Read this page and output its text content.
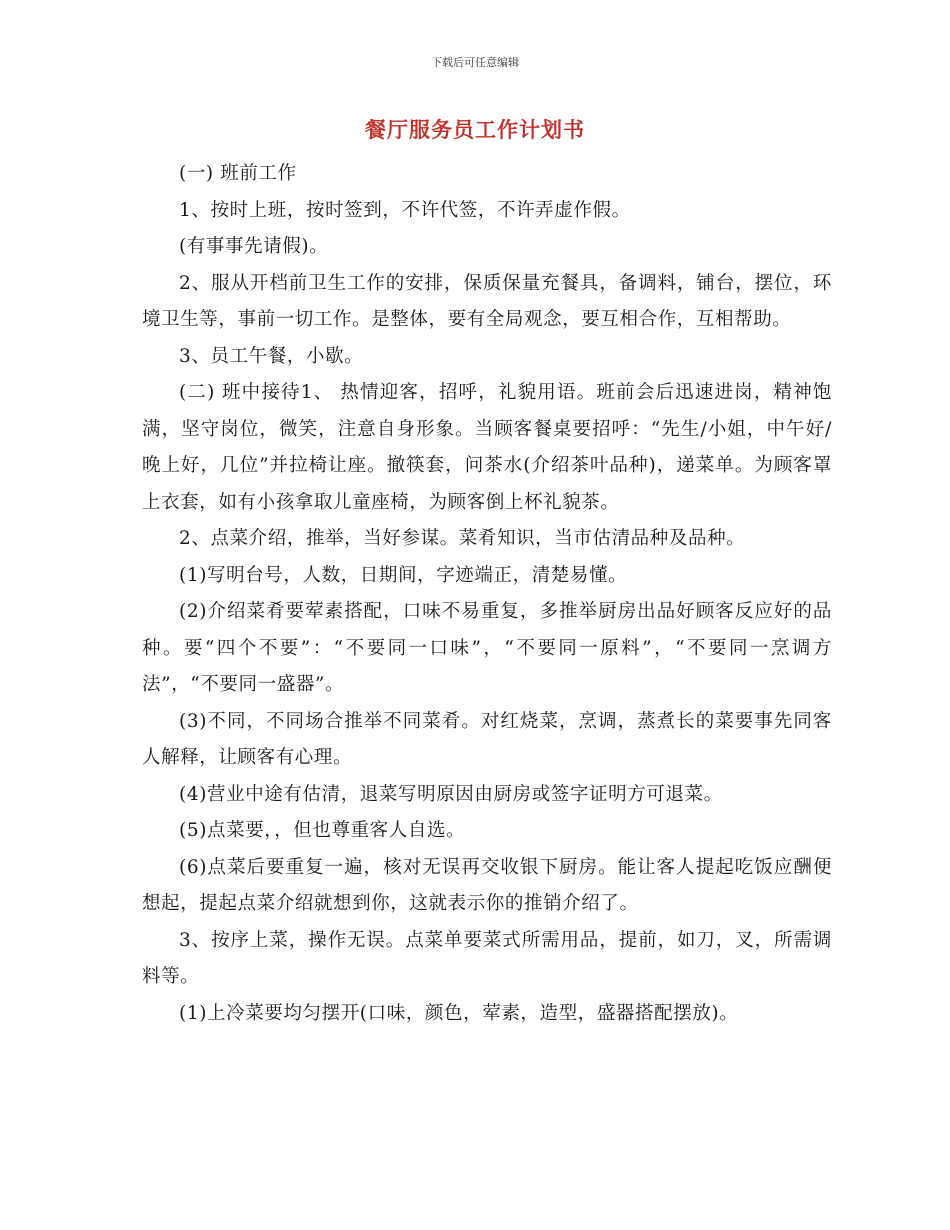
下载后可任意编辑
餐厅服务员工作计划书

(一) 班前工作

1、按时上班，按时签到，不许代签，不许弄虚作假。

(有事事先请假)。

2、服从开档前卫生工作的安排，保质保量充餐具，备调料，铺台，摆位，环境卫生等，事前一切工作。是整体，要有全局观念，要互相合作，互相帮助。

3、员工午餐，小歇。

(二) 班中接待1、 热情迎客，招呼，礼貌用语。班前会后迅速进岗，精神饱满，坚守岗位，微笑，注意自身形象。当顾客餐桌要招呼：“先生/小姐，中午好/晚上好，几位”并拉椅让座。撤筷套，问茶水(介绍茶叶品种)，递菜单。为顾客罩上衣套，如有小孩拿取儿童座椅，为顾客倒上杯礼貌茶。

2、点菜介绍，推举，当好参谋。菜肴知识，当市估清品种及品种。

(1)写明台号，人数，日期间，字迹端正，清楚易懂。

(2)介绍菜肴要荤素搭配，口味不易重复，多推举厨房出品好顾客反应好的品种。要“四个不要”：“不要同一口味”，“不要同一原料”，“不要同一烹调方法”，“不要同一盛器”。

(3)不同，不同场合推举不同菜肴。对红烧菜，烹调，蒸煮长的菜要事先同客人解释，让顾客有心理。

(4)营业中途有估清，退菜写明原因由厨房或签字证明方可退菜。

(5)点菜要，，但也尊重客人自选。

(6)点菜后要重复一遍，核对无误再交收银下厨房。能让客人提起吃饭应酬便想起，提起点菜介绍就想到你，这就表示你的推销介绍了。

3、按序上菜，操作无误。点菜单要菜式所需用品，提前，如刀，叉，所需调料等。

(1)上冷菜要均匀摆开(口味，颜色，荤素，造型，盛器搭配摆放)。
